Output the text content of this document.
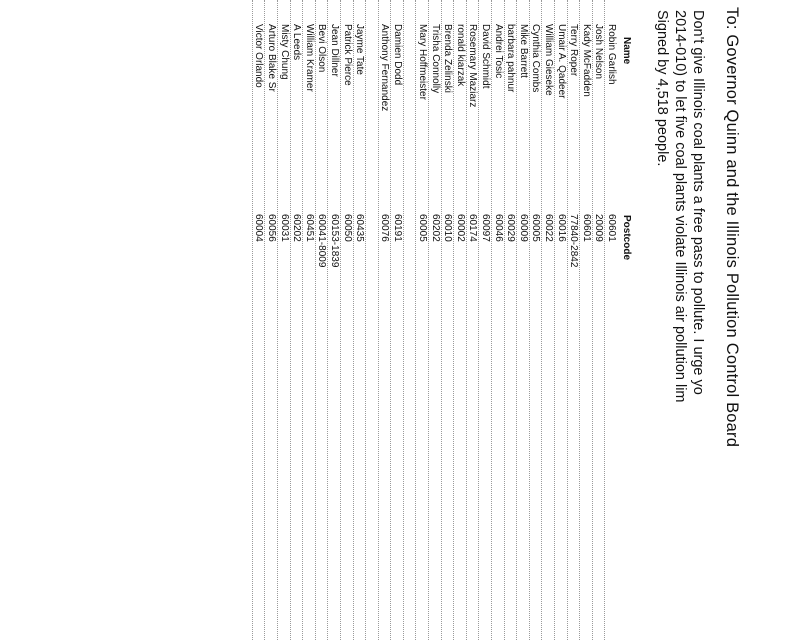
To: Governor Quinn and the Illinois Pollution Control Board
Don't give Illinois coal plants a free pass to pollute. I urge yo
2014-010) to let five coal plants violate Illinois air pollution lim
Signed by 4,518 people.
Name
Postcode
Robin Garlish
60601
Josh Nelson
20009
Kady McFadden
60601
Terry Roper
77840-2842
Umair A. Qadeer
60016
William Gieseke
60022
Cynthia Combs
60005
Mike Barrett
60009
barbara pahnur
60029
Andrei Tosic
60046
David Schmidt
60097
Rosemary Maziarz
60174
ronald kiarzak
60002
Brenda Zelinski
60010
Trisha Connolly
60202
Mary Hoffmeister
60005
Damien Dodd
60191
Anthony Fernandez
60076
Jayme Tate
60435
Patrick Pierce
60050
Jean Dillner
60153-1839
Bevi Olson
60041-8009
William Kramer
60451
A Leeds
60202
Misty Chung
60031
Arturo Blake Sr
60056
Victor Orlando
60004
